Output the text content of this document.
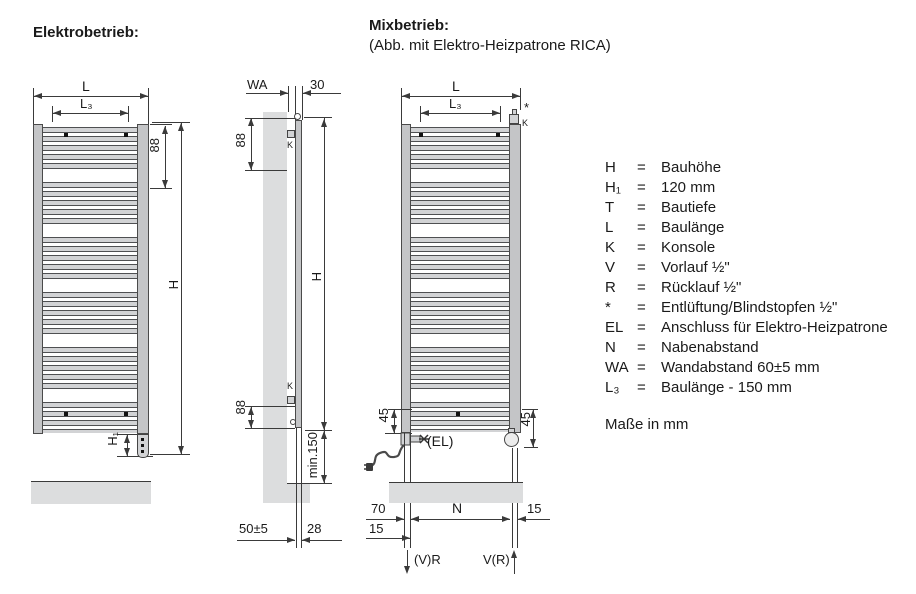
Elektrobetrieb:	Mixbetrieb:
(Abb. mit Elektro-Heizpatrone RICA)
L
L₃
88
H
H₁
WA	30
K
K
88
H
88
min.150
50±5	28
L
L₃	*
K
45	45
(EL)
70	N	15
15
(V)R	V(R)
H	=	Bauhöhe
H₁	=	120 mm
T	=	Bautiefe
L	=	Baulänge
K	=	Konsole
V	=	Vorlauf ½"
R	=	Rücklauf ½"
*	=	Entlüftung/Blindstopfen ½"
EL =	Anschluss für Elektro-Heizpatrone
N	=	Nabenabstand
WA =	Wandabstand 60±5 mm
L₃	=	Baulänge - 150 mm
Maße in mm
